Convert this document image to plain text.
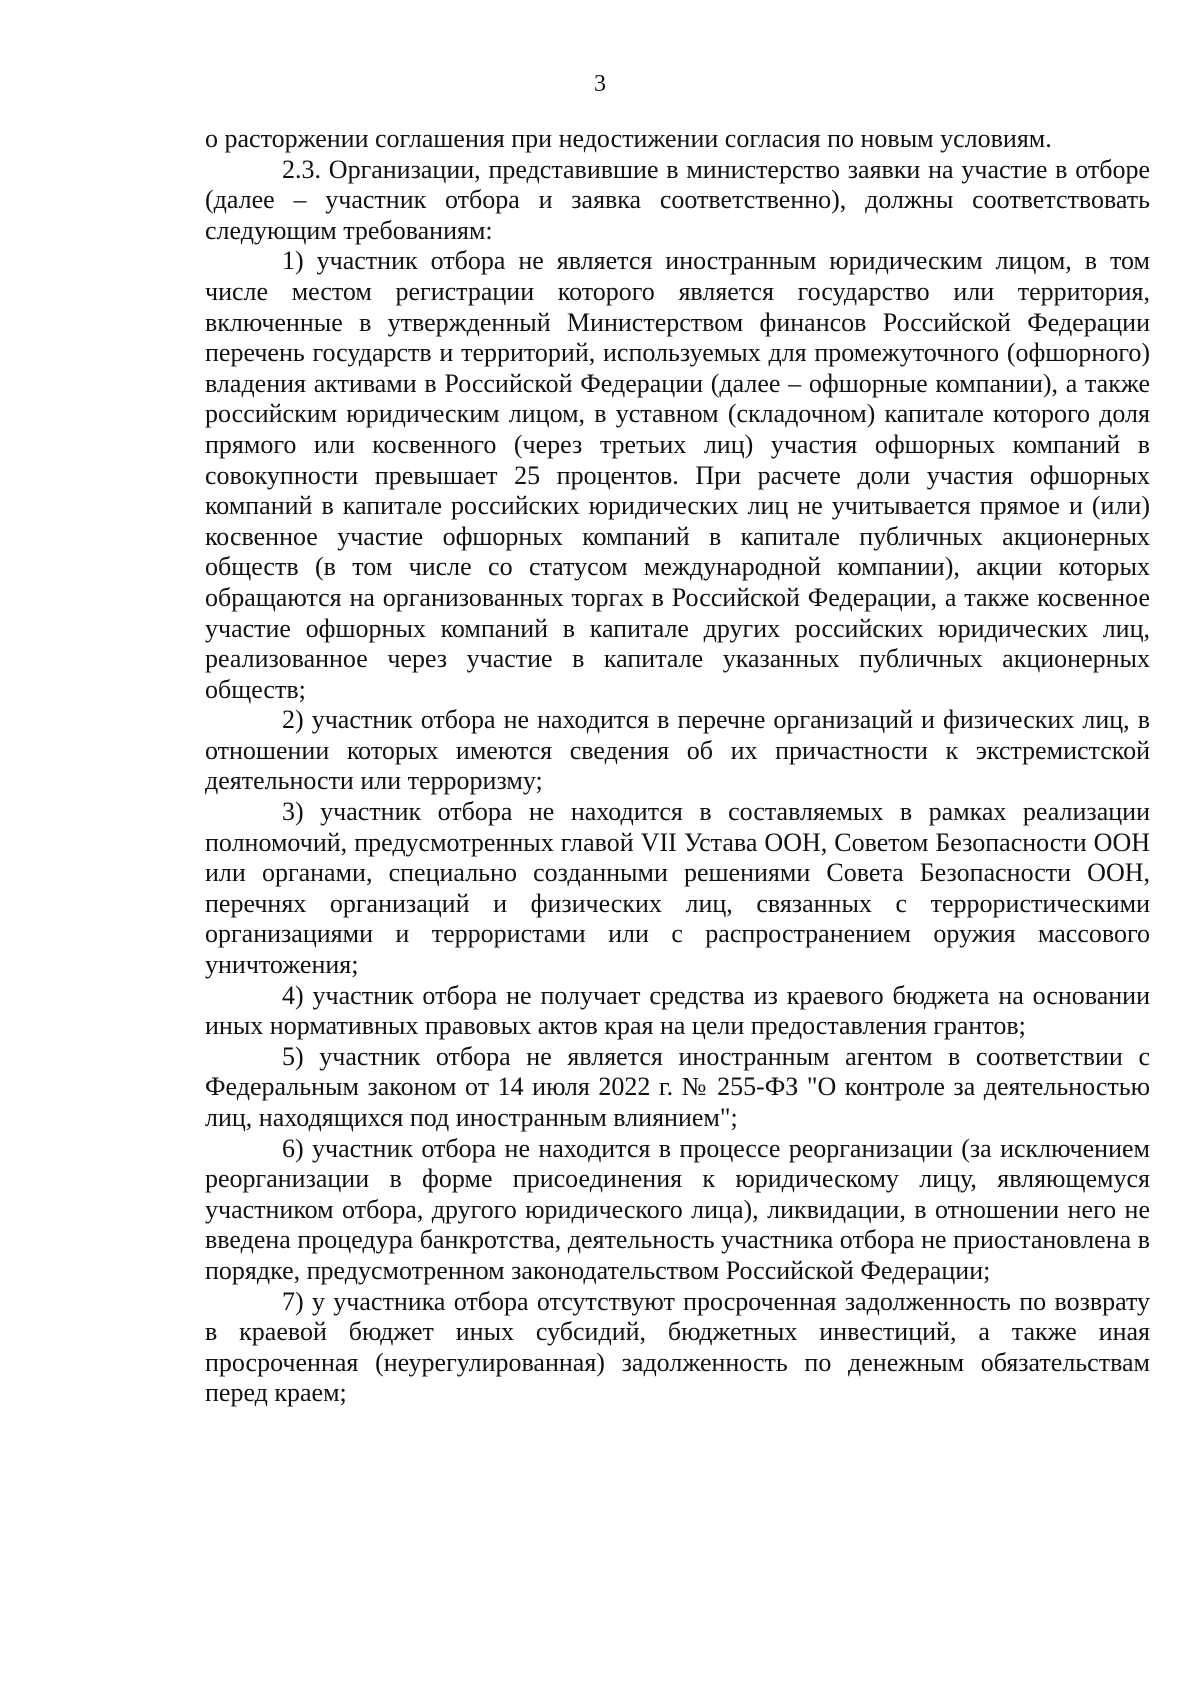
3

о расторжении соглашения при недостижении согласия по новым условиям.

2.3. Организации, представившие в министерство заявки на участие в отборе (далее – участник отбора и заявка соответственно), должны соответствовать следующим требованиям:

1) участник отбора не является иностранным юридическим лицом, в том числе местом регистрации которого является государство или территория, включенные в утвержденный Министерством финансов Российской Федерации перечень государств и территорий, используемых для промежуточного (офшорного) владения активами в Российской Федерации (далее – офшорные компании), а также российским юридическим лицом, в уставном (складочном) капитале которого доля прямого или косвенного (через третьих лиц) участия офшорных компаний в совокупности превышает 25 процентов. При расчете доли участия офшорных компаний в капитале российских юридических лиц не учитывается прямое и (или) косвенное участие офшорных компаний в капитале публичных акционерных обществ (в том числе со статусом международной компании), акции которых обращаются на организованных торгах в Российской Федерации, а также косвенное участие офшорных компаний в капитале других российских юридических лиц, реализованное через участие в капитале указанных публичных акционерных обществ;

2) участник отбора не находится в перечне организаций и физических лиц, в отношении которых имеются сведения об их причастности к экстремистской деятельности или терроризму;

3) участник отбора не находится в составляемых в рамках реализации полномочий, предусмотренных главой VII Устава ООН, Советом Безопасности ООН или органами, специально созданными решениями Совета Безопасности ООН, перечнях организаций и физических лиц, связанных с террористическими организациями и террористами или с распространением оружия массового уничтожения;

4) участник отбора не получает средства из краевого бюджета на основании иных нормативных правовых актов края на цели предоставления грантов;

5) участник отбора не является иностранным агентом в соответствии с Федеральным законом от 14 июля 2022 г. № 255-ФЗ "О контроле за деятельностью лиц, находящихся под иностранным влиянием";

6) участник отбора не находится в процессе реорганизации (за исключением реорганизации в форме присоединения к юридическому лицу, являющемуся участником отбора, другого юридического лица), ликвидации, в отношении него не введена процедура банкротства, деятельность участника отбора не приостановлена в порядке, предусмотренном законодательством Российской Федерации;

7) у участника отбора отсутствуют просроченная задолженность по возврату в краевой бюджет иных субсидий, бюджетных инвестиций, а также иная просроченная (неурегулированная) задолженность по денежным обязательствам перед краем;
